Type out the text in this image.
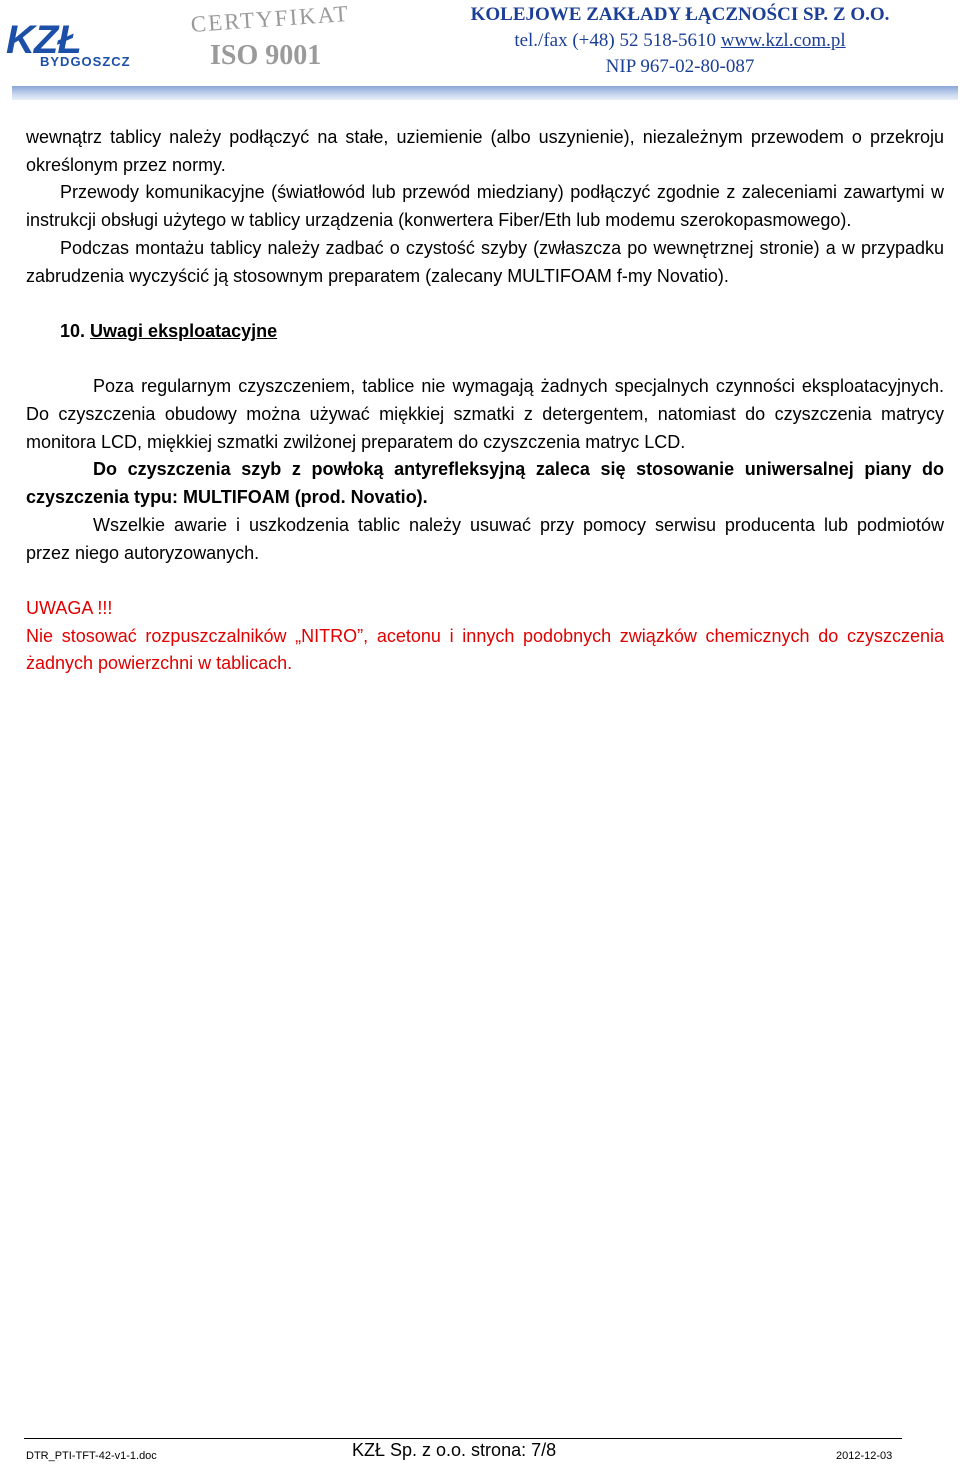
KZŁ
BYDGOSZCZ
CERTYFIKAT
ISO 9001
KOLEJOWE ZAKŁADY ŁĄCZNOŚCI SP. Z O.O.
tel./fax (+48) 52 518-5610 www.kzl.com.pl
NIP 967-02-80-087

wewnątrz tablicy należy podłączyć na stałe, uziemienie (albo uszynienie), niezależnym przewodem o przekroju określonym przez normy.

Przewody komunikacyjne (światłowód lub przewód miedziany) podłączyć zgodnie z zaleceniami zawartymi w instrukcji obsługi użytego w tablicy urządzenia (konwertera Fiber/Eth lub modemu szerokopasmowego).

Podczas montażu tablicy należy zadbać o czystość szyby (zwłaszcza po wewnętrznej stronie) a w przypadku zabrudzenia wyczyścić ją stosownym preparatem (zalecany MULTIFOAM f-my Novatio).

10. Uwagi eksploatacyjne

Poza regularnym czyszczeniem, tablice nie wymagają żadnych specjalnych czynności eksploatacyjnych. Do czyszczenia obudowy można używać miękkiej szmatki z detergentem, natomiast do czyszczenia matrycy monitora LCD, miękkiej szmatki zwilżonej preparatem do czyszczenia matryc LCD.

Do czyszczenia szyb z powłoką antyrefleksyjną zaleca się stosowanie uniwersalnej piany do czyszczenia typu: MULTIFOAM (prod. Novatio).

Wszelkie awarie i uszkodzenia tablic należy usuwać przy pomocy serwisu producenta lub podmiotów przez niego autoryzowanych.

UWAGA !!!

Nie stosować rozpuszczalników „NITRO”, acetonu i innych podobnych związków chemicznych do czyszczenia żadnych powierzchni w tablicach.

DTR_PTI-TFT-42-v1-1.doc	KZŁ Sp. z o.o. strona: 7/8	2012-12-03
